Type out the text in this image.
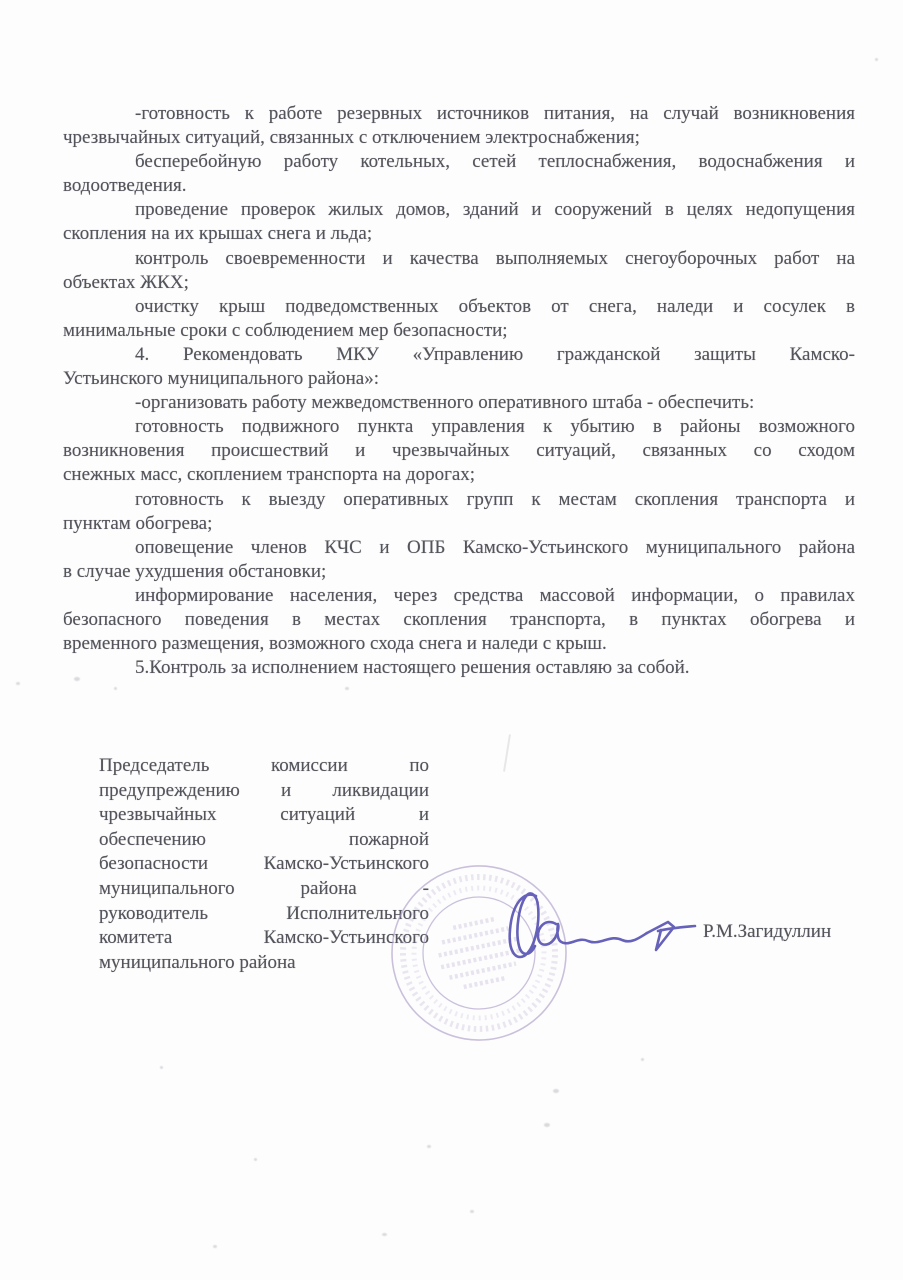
-готовность к работе резервных источников питания, на случай возникновения
чрезвычайных ситуаций, связанных с отключением электроснабжения;
бесперебойную работу котельных, сетей теплоснабжения, водоснабжения и
водоотведения.
проведение проверок жилых домов, зданий и сооружений в целях недопущения
скопления на их крышах снега и льда;
контроль своевременности и качества выполняемых снегоуборочных работ на
объектах ЖКХ;
очистку крыш подведомственных объектов от снега, наледи и сосулек в
минимальные сроки с соблюдением мер безопасности;
4. Рекомендовать МКУ «Управлению гражданской защиты Камско-
Устьинского муниципального района»:
-организовать работу межведомственного оперативного штаба - обеспечить:
готовность подвижного пункта управления к убытию в районы возможного
возникновения происшествий и чрезвычайных ситуаций, связанных со сходом
снежных масс, скоплением транспорта на дорогах;
готовность к выезду оперативных групп к местам скопления транспорта и
пунктам обогрева;
оповещение членов КЧС и ОПБ Камско-Устьинского муниципального района
в случае ухудшения обстановки;
информирование населения, через средства массовой информации, о правилах
безопасного поведения в местах скопления транспорта, в пунктах обогрева и
временного размещения, возможного схода снега и наледи с крыш.
5.Контроль за исполнением настоящего решения оставляю за собой.
Председатель комиссии по
предупреждению и ликвидации
чрезвычайных ситуаций и
обеспечению пожарной
безопасности Камско-Устьинского
муниципального района -
руководитель Исполнительного
комитета Камско-Устьинского
муниципального района
Р.М.Загидуллин
